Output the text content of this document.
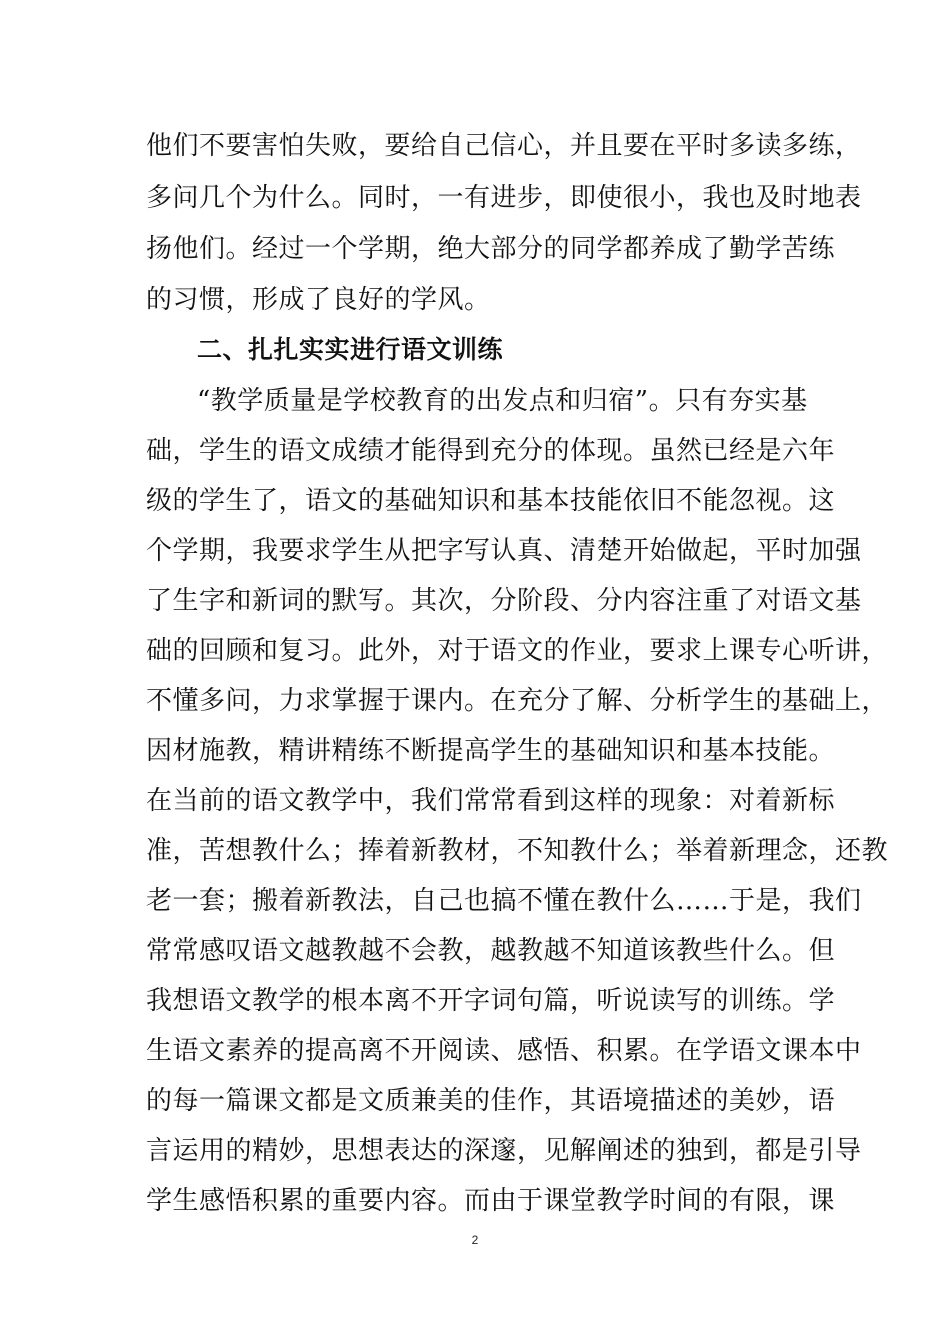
他们不要害怕失败，要给自己信心，并且要在平时多读多练，
多问几个为什么。同时，一有进步，即使很小，我也及时地表
扬他们。经过一个学期，绝大部分的同学都养成了勤学苦练
的习惯，形成了良好的学风。
二、扎扎实实进行语文训练
“教学质量是学校教育的出发点和归宿”。只有夯实基
础，学生的语文成绩才能得到充分的体现。虽然已经是六年
级的学生了，语文的基础知识和基本技能依旧不能忽视。这
个学期，我要求学生从把字写认真、清楚开始做起，平时加强
了生字和新词的默写。其次，分阶段、分内容注重了对语文基
础的回顾和复习。此外，对于语文的作业，要求上课专心听讲，
不懂多问，力求掌握于课内。在充分了解、分析学生的基础上，
因材施教，精讲精练不断提高学生的基础知识和基本技能。
在当前的语文教学中，我们常常看到这样的现象：对着新标
准，苦想教什么；捧着新教材，不知教什么；举着新理念，还教
老一套；搬着新教法，自己也搞不懂在教什么……于是，我们
常常感叹语文越教越不会教，越教越不知道该教些什么。但
我想语文教学的根本离不开字词句篇，听说读写的训练。学
生语文素养的提高离不开阅读、感悟、积累。在学语文课本中
的每一篇课文都是文质兼美的佳作，其语境描述的美妙，语
言运用的精妙，思想表达的深邃，见解阐述的独到，都是引导
学生感悟积累的重要内容。而由于课堂教学时间的有限，课
2
